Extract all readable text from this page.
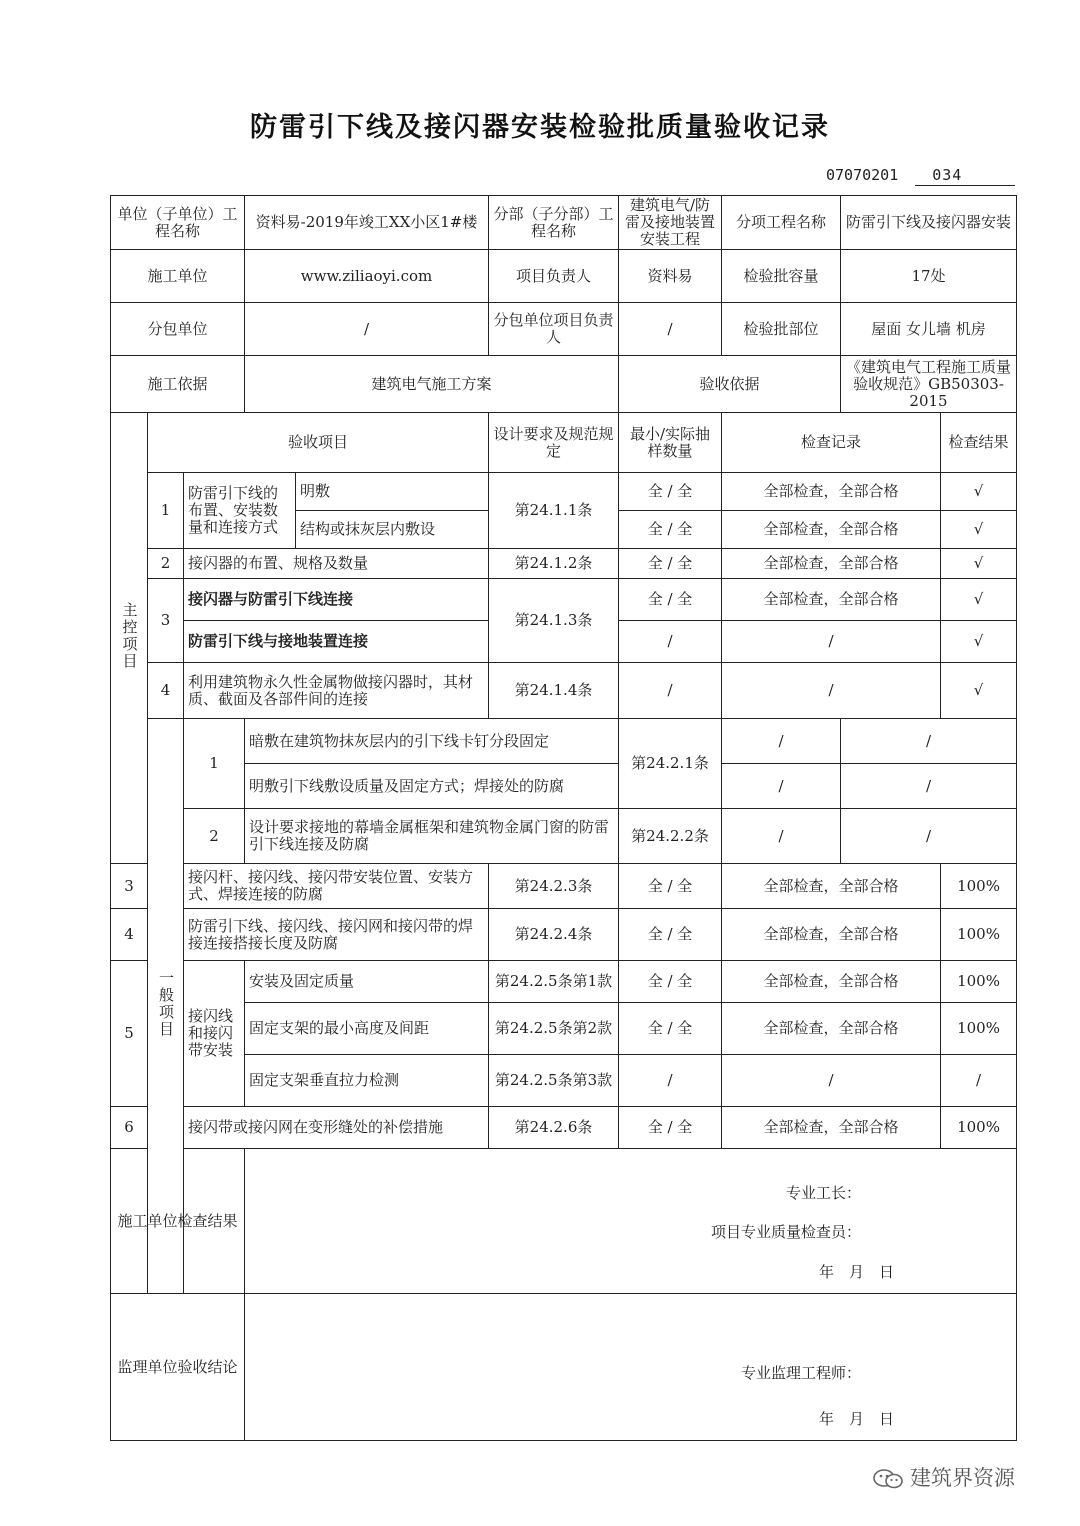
防雷引下线及接闪器安装检验批质量验收记录
07070201 034
单位（子单位）工程名称			资料易-2019年竣工XX小区1#楼		分部（子分部）工程名称	建筑电气/防雷及接地装置安装工程	分项工程名称	防雷引下线及接闪器安装		
施工单位			www.ziliaoyi.com		项目负责人	资料易	检验批容量	17处		
分包单位			/		分包单位项目负责人	/	检验批部位	屋面 女儿墙 机房		
施工依据			建筑电气施工方案			验收依据		《建筑电气工程施工质量验收规范》GB50303-2015		
主控项目	验收项目				设计要求及规范规定	最小/实际抽样数量	检查记录		检查结果	
	1	防雷引下线的布置、安装数量和连接方式		明敷	第24.1.1条	全 / 全	全部检查，全部合格		√	
				结构或抹灰层内敷设		全 / 全	全部检查，全部合格		√	
	2	接闪器的布置、规格及数量			第24.1.2条	全 / 全	全部检查，全部合格		√	
	3	接闪器与防雷引下线连接			第24.1.3条	全 / 全	全部检查，全部合格		√	
		防雷引下线与接地装置连接				/	/		√	
	4	利用建筑物永久性金属物做接闪器时，其材质、截面及各部件间的连接			第24.1.4条	/	/		√	
	一般项目	1	暗敷在建筑物抹灰层内的引下线卡钉分段固定			第24.2.1条	/	/	
			明敷引下线敷设质量及固定方式；焊接处的防腐				/	/	
		2	设计要求接地的幕墙金属框架和建筑物金属门窗的防雷引下线连接及防腐			第24.2.2条	/	/	
3		接闪杆、接闪线、接闪带安装位置、安装方式、焊接连接的防腐			第24.2.3条	全 / 全	全部检查，全部合格		100%	
4		防雷引下线、接闪线、接闪网和接闪带的焊接连接搭接长度及防腐			第24.2.4条	全 / 全	全部检查，全部合格		100%	
5		接闪线和接闪带安装	安装及固定质量		第24.2.5条第1款	全 / 全	全部检查，全部合格		100%	
			固定支架的最小高度及间距		第24.2.5条第2款	全 / 全	全部检查，全部合格		100%	
			固定支架垂直拉力检测		第24.2.5条第3款	/	/		/	
6		接闪带或接闪网在变形缝处的补偿措施			第24.2.6条	全 / 全	全部检查，全部合格		100%	
施工单位检查结果			专业工长：
项目专业质量检查员：
年　月　日							

监理单位验收结论			专业监理工程师：
年　月　日							
建筑界资源
